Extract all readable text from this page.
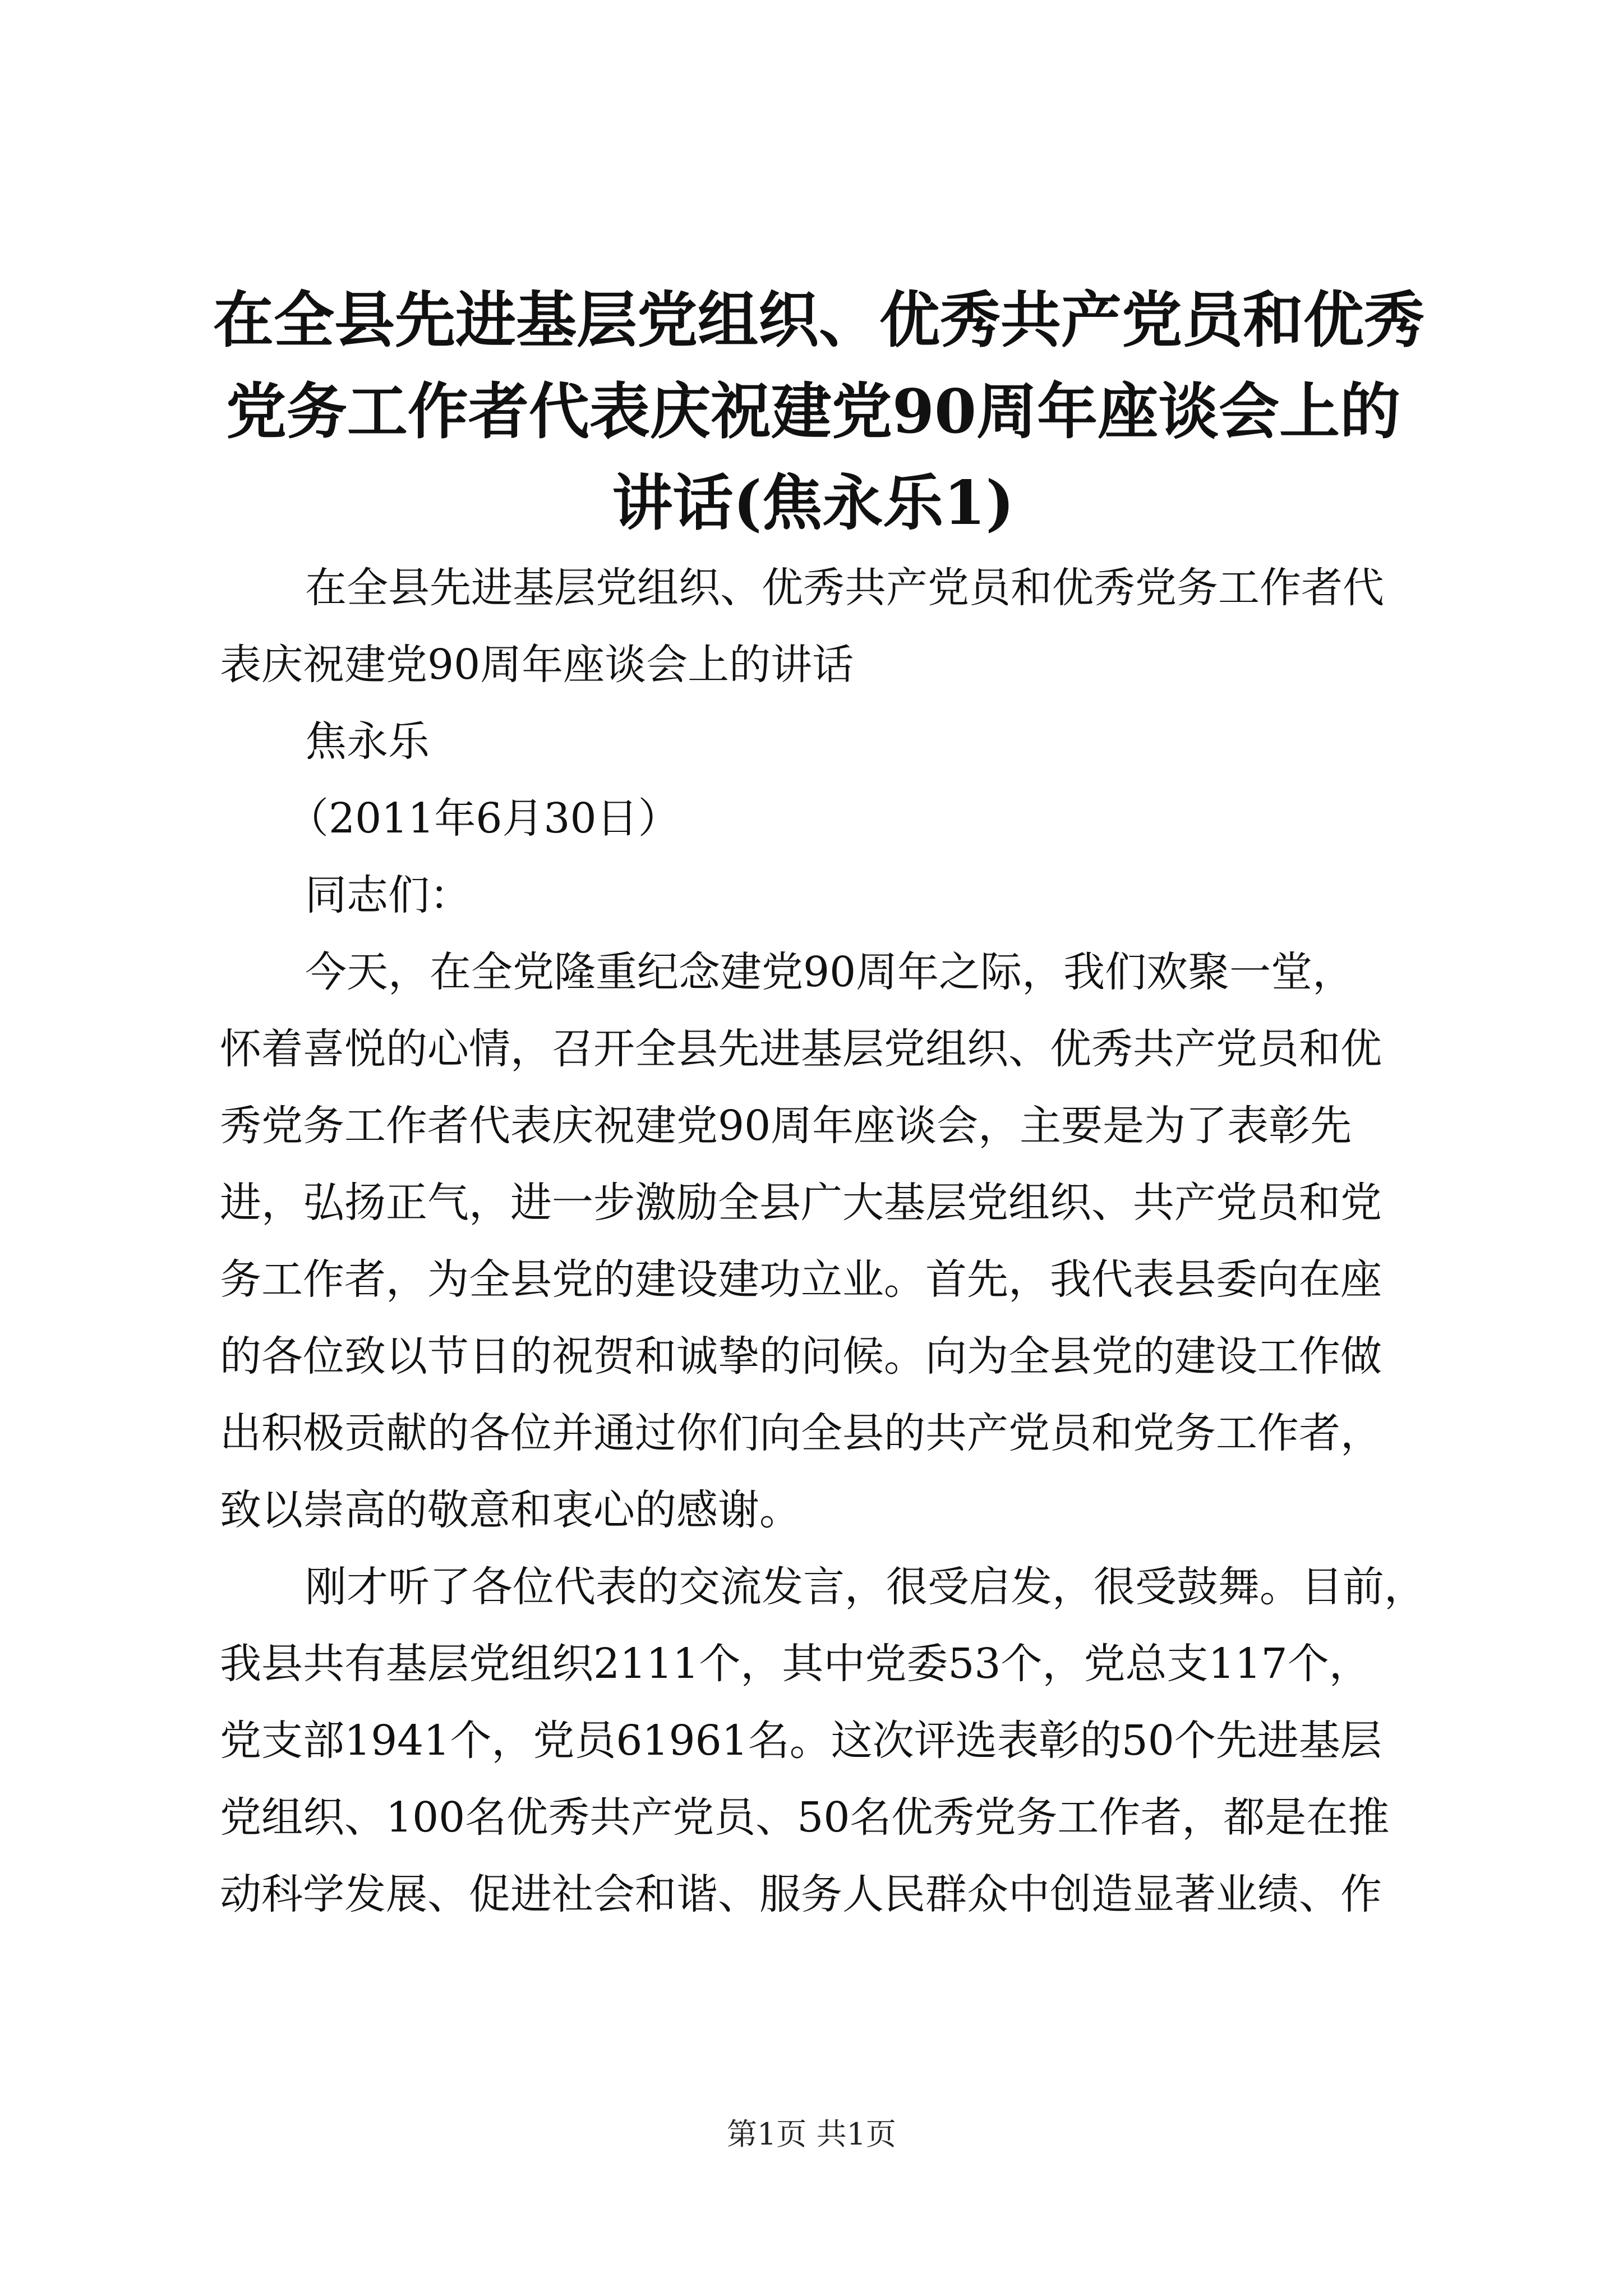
在全县先进基层党组织、优秀共产党员和优秀
党务工作者代表庆祝建党90周年座谈会上的
讲话(焦永乐1)
在全县先进基层党组织、优秀共产党员和优秀党务工作者代
表庆祝建党90周年座谈会上的讲话
焦永乐
（2011年6月30日）
同志们：
今天，在全党隆重纪念建党90周年之际，我们欢聚一堂，
怀着喜悦的心情，召开全县先进基层党组织、优秀共产党员和优
秀党务工作者代表庆祝建党90周年座谈会，主要是为了表彰先
进，弘扬正气，进一步激励全县广大基层党组织、共产党员和党
务工作者，为全县党的建设建功立业。首先，我代表县委向在座
的各位致以节日的祝贺和诚挚的问候。向为全县党的建设工作做
出积极贡献的各位并通过你们向全县的共产党员和党务工作者，
致以崇高的敬意和衷心的感谢。
刚才听了各位代表的交流发言，很受启发，很受鼓舞。目前，
我县共有基层党组织2111个，其中党委53个，党总支117个，
党支部1941个，党员61961名。这次评选表彰的50个先进基层
党组织、100名优秀共产党员、50名优秀党务工作者，都是在推
动科学发展、促进社会和谐、服务人民群众中创造显著业绩、作
第1页 共1页
